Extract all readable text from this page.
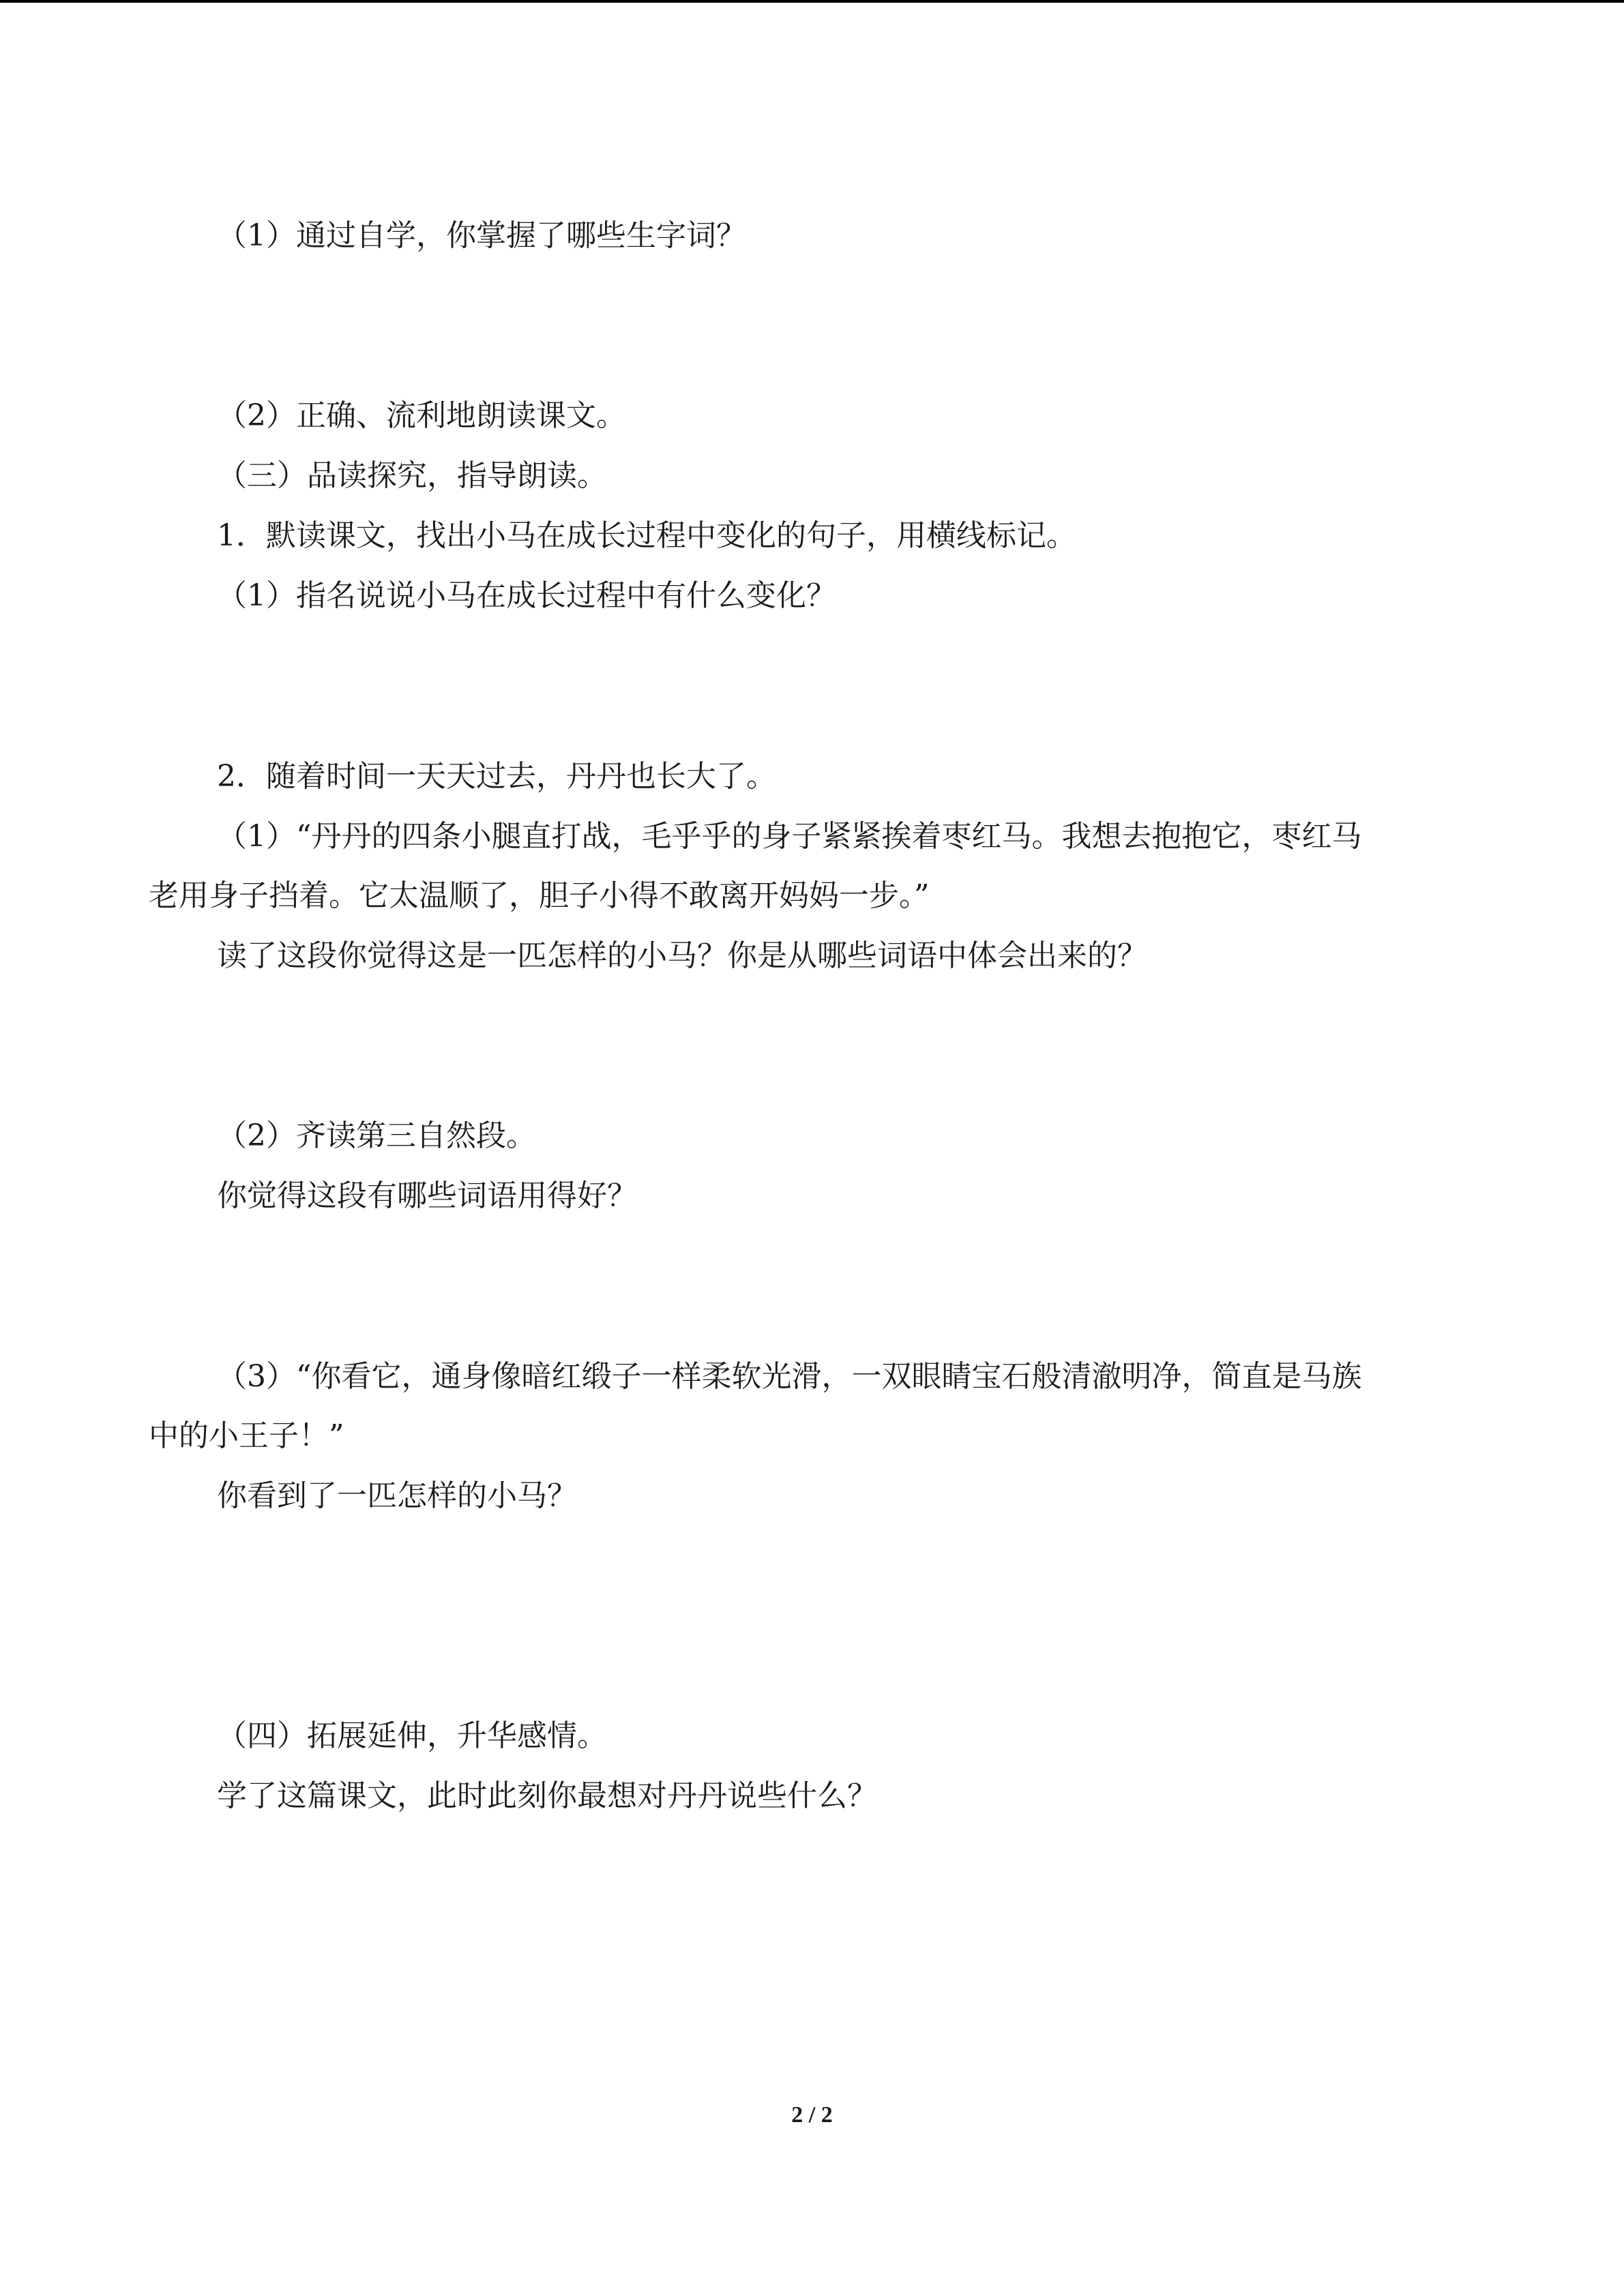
（1）通过自学，你掌握了哪些生字词？
（2）正确、流利地朗读课文。
（三）品读探究，指导朗读。
1．默读课文，找出小马在成长过程中变化的句子，用横线标记。
（1）指名说说小马在成长过程中有什么变化？
2．随着时间一天天过去，丹丹也长大了。
（1）“丹丹的四条小腿直打战，毛乎乎的身子紧紧挨着枣红马。我想去抱抱它，枣红马
老用身子挡着。它太温顺了，胆子小得不敢离开妈妈一步。”
读了这段你觉得这是一匹怎样的小马？你是从哪些词语中体会出来的？
（2）齐读第三自然段。
你觉得这段有哪些词语用得好？
（3）“你看它，通身像暗红缎子一样柔软光滑，一双眼睛宝石般清澈明净，简直是马族
中的小王子！”
你看到了一匹怎样的小马？
（四）拓展延伸，升华感情。
学了这篇课文，此时此刻你最想对丹丹说些什么？
2 / 2
